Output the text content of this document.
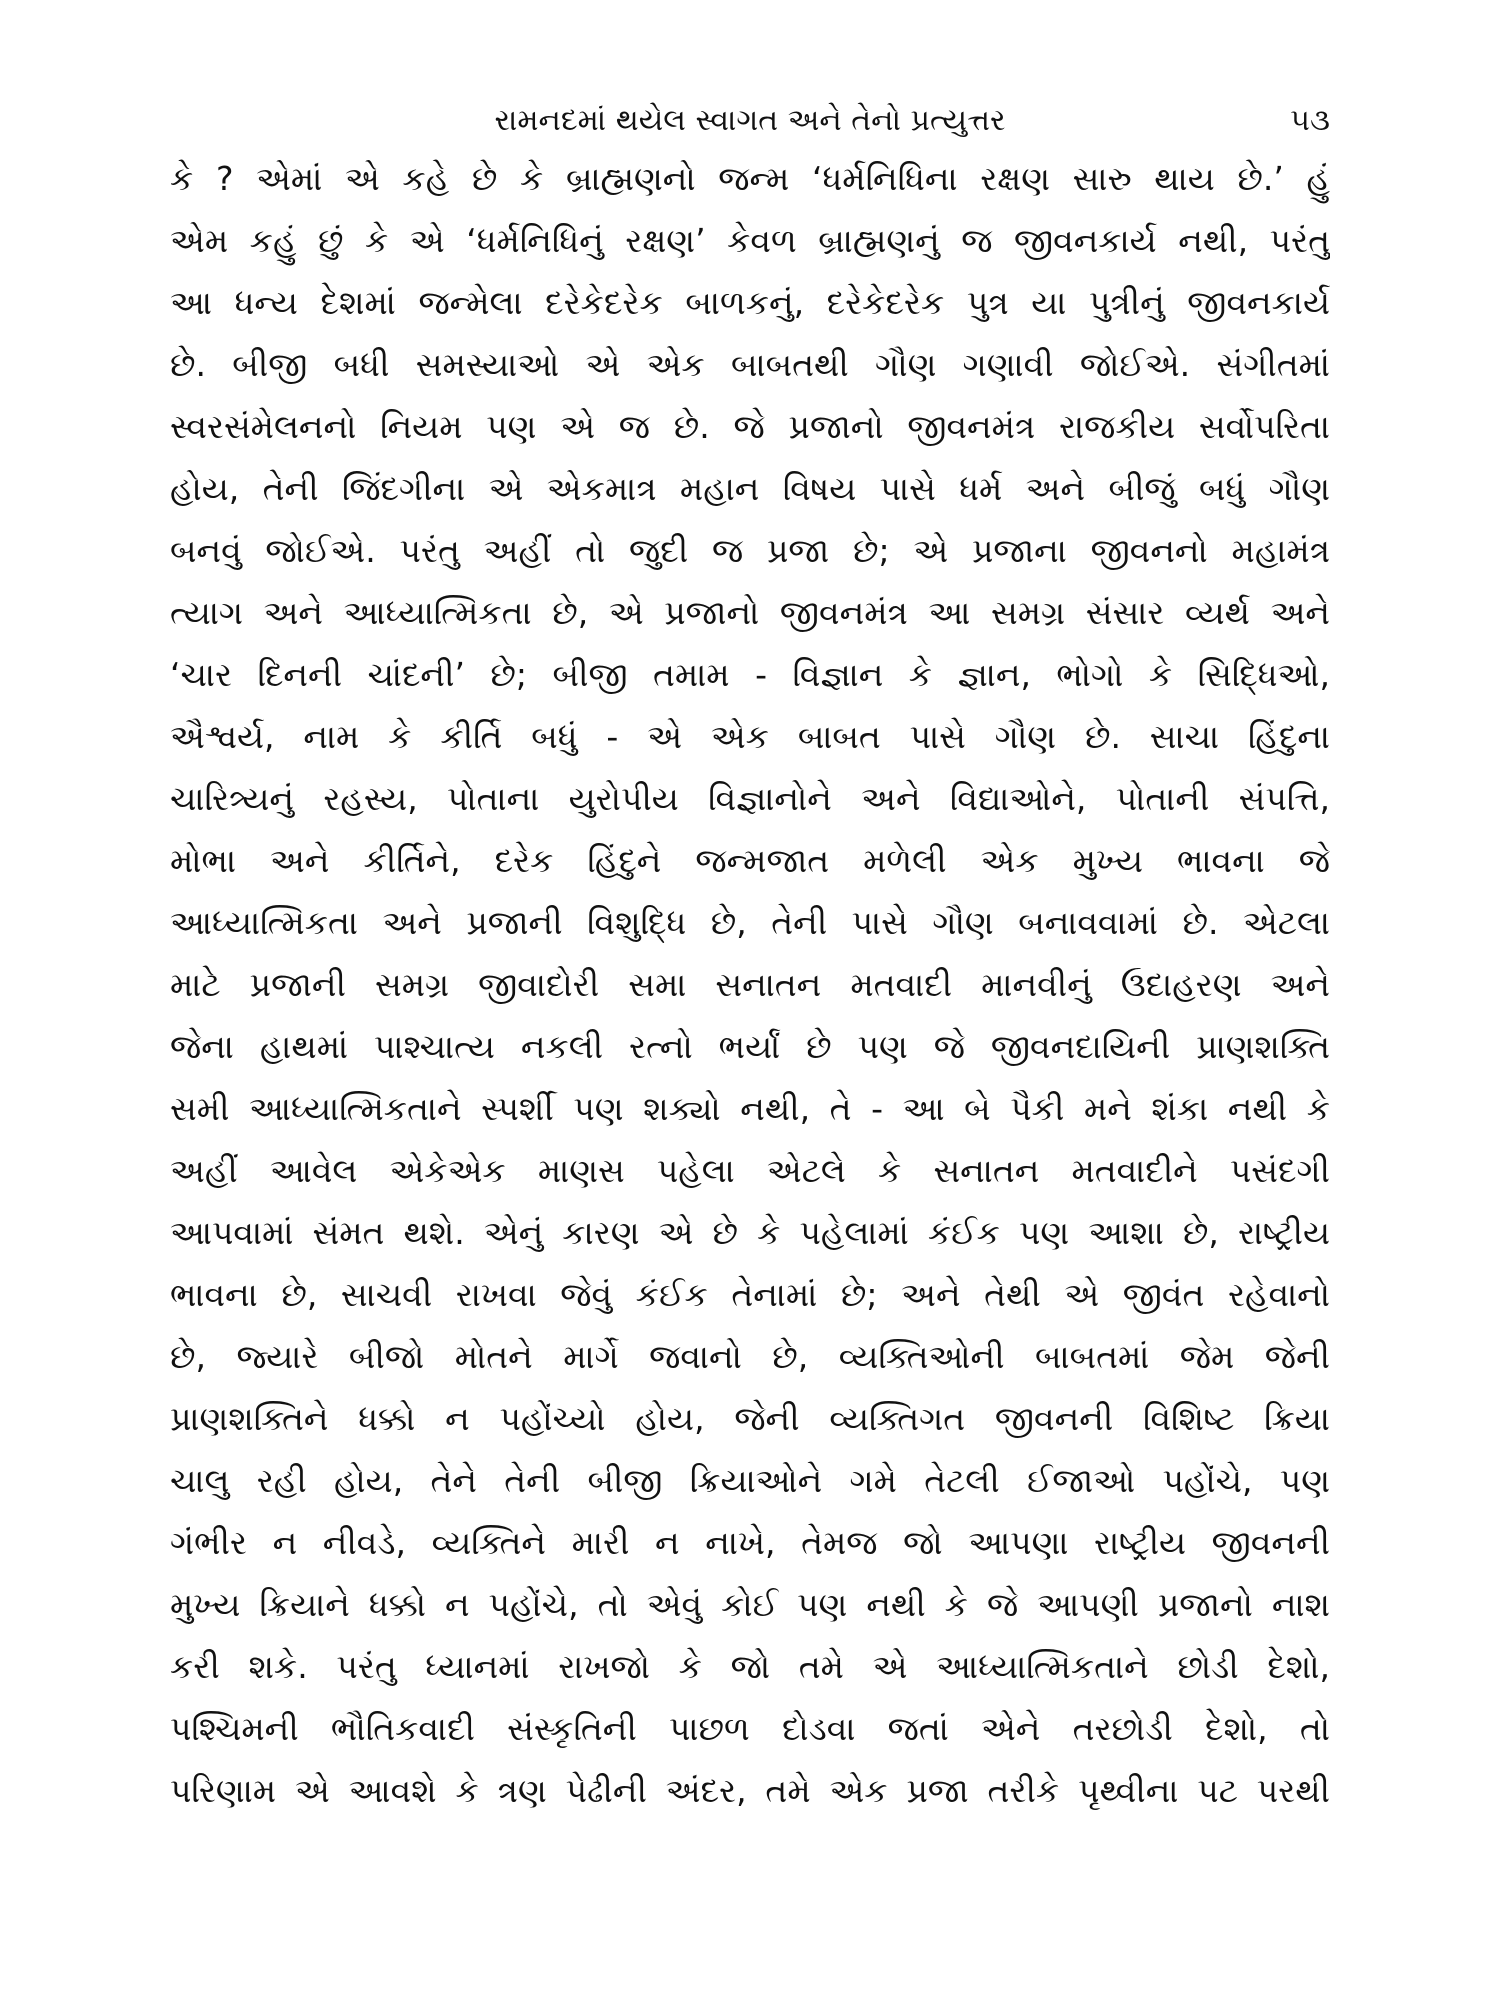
રામનદમાં થયેલ સ્વાગત અને તેનો પ્રત્યુત્તર	૫૩
કે ? એમાં એ કહે છે કે બ્રાહ્મણનો જન્મ ‘ધર્મનિધિના રક્ષણ સારુ થાય છે.’ હું
એમ કહું છું કે એ ‘ધર્મનિધિનું રક્ષણ’ કેવળ બ્રાહ્મણનું જ જીવનકાર્ય નથી, પરંતુ
આ ધન્ય દેશમાં જન્મેલા દરેકેદરેક બાળકનું, દરેકેદરેક પુત્ર યા પુત્રીનું જીવનકાર્ય
છે. બીજી બધી સમસ્યાઓ એ એક બાબતથી ગૌણ ગણાવી જોઈએ. સંગીતમાં
સ્વરસંમેલનનો નિયમ પણ એ જ છે. જે પ્રજાનો જીવનમંત્ર રાજકીય સર્વોપરિતા
હોય, તેની જિંદગીના એ એકમાત્ર મહાન વિષય પાસે ધર્મ અને બીજું બધું ગૌણ
બનવું જોઈએ. પરંતુ અહીં તો જુદી જ પ્રજા છે; એ પ્રજાના જીવનનો મહામંત્ર
ત્યાગ અને આધ્યાત્મિકતા છે, એ પ્રજાનો જીવનમંત્ર આ સમગ્ર સંસાર વ્યર્થ અને
‘ચાર દિનની ચાંદની’ છે; બીજી તમામ - વિજ્ઞાન કે જ્ઞાન, ભોગો કે સિદ્ધિઓ,
ઐશ્વર્ય, નામ કે કીર્તિ બધું - એ એક બાબત પાસે ગૌણ છે. સાચા હિંદુના
ચારિત્ર્યનું રહસ્ય, પોતાના યુરોપીય વિજ્ઞાનોને અને વિદ્યાઓને, પોતાની સંપત્તિ,
મોભા અને કીર્તિને, દરેક હિંદુને જન્મજાત મળેલી એક મુખ્ય ભાવના જે
આધ્યાત્મિકતા અને પ્રજાની વિશુદ્ધિ છે, તેની પાસે ગૌણ બનાવવામાં છે. એટલા
માટે પ્રજાની સમગ્ર જીવાદોરી સમા સનાતન મતવાદી માનવીનું ઉદાહરણ અને
જેના હાથમાં પાશ્ચાત્ય નકલી રત્નો ભર્યાં છે પણ જે જીવનદાયિની પ્રાણશક્તિ
સમી આધ્યાત્મિકતાને સ્પર્શી પણ શક્યો નથી, તે - આ બે પૈકી મને શંકા નથી કે
અહીં આવેલ એકેએક માણસ પહેલા એટલે કે સનાતન મતવાદીને પસંદગી
આપવામાં સંમત થશે. એનું કારણ એ છે કે પહેલામાં કંઈક પણ આશા છે, રાષ્ટ્રીય
ભાવના છે, સાચવી રાખવા જેવું કંઈક તેનામાં છે; અને તેથી એ જીવંત રહેવાનો
છે, જ્યારે બીજો મોતને માર્ગે જવાનો છે, વ્યક્તિઓની બાબતમાં જેમ જેની
પ્રાણશક્તિને ધક્કો ન પહોંચ્યો હોય, જેની વ્યક્તિગત જીવનની વિશિષ્ટ ક્રિયા
ચાલુ રહી હોય, તેને તેની બીજી ક્રિયાઓને ગમે તેટલી ઈજાઓ પહોંચે, પણ
ગંભીર ન નીવડે, વ્યક્તિને મારી ન નાખે, તેમજ જો આપણા રાષ્ટ્રીય જીવનની
મુખ્ય ક્રિયાને ધક્કો ન પહોંચે, તો એવું કોઈ પણ નથી કે જે આપણી પ્રજાનો નાશ
કરી શકે. પરંતુ ધ્યાનમાં રાખજો કે જો તમે એ આધ્યાત્મિકતાને છોડી દેશો,
પશ્ચિમની ભૌતિકવાદી સંસ્કૃતિની પાછળ દોડવા જતાં એને તરછોડી દેશો, તો
પરિણામ એ આવશે કે ત્રણ પેઢીની અંદર, તમે એક પ્રજા તરીકે પૃથ્વીના પટ પરથી
